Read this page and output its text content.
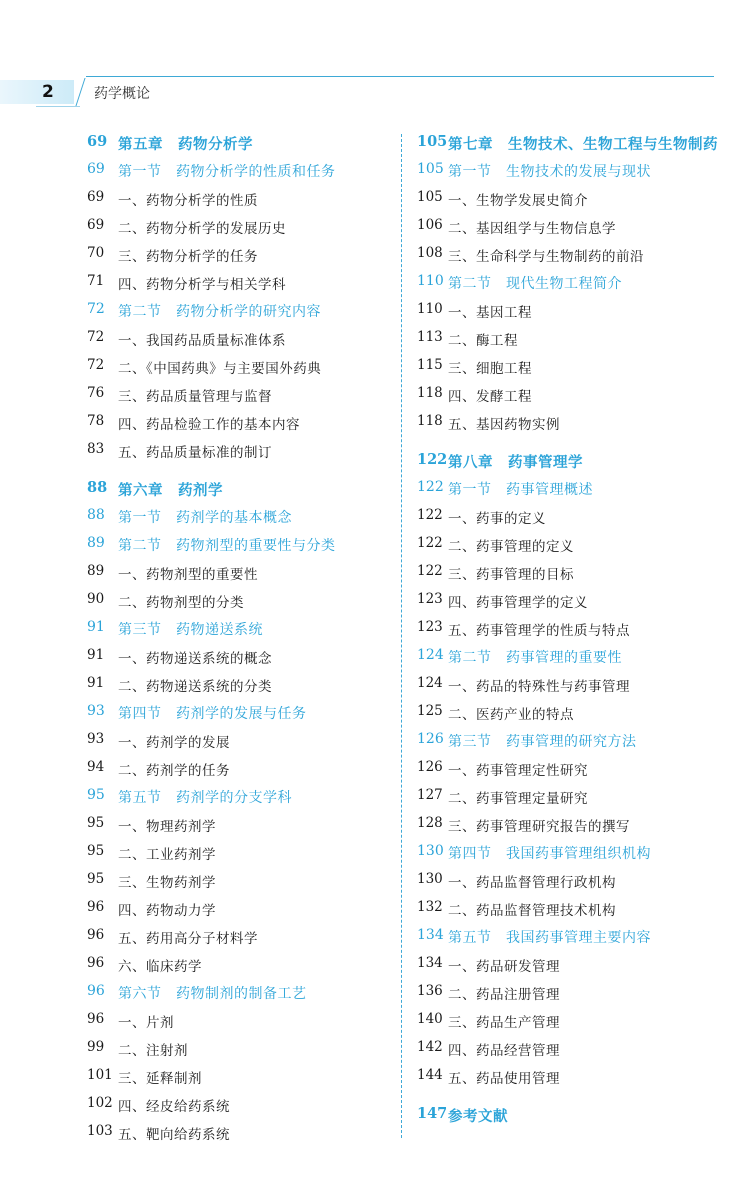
2	药学概论
69 第五章　药物分析学
69 第一节　药物分析学的性质和任务
69 一、药物分析学的性质
69 二、药物分析学的发展历史
70 三、药物分析学的任务
71 四、药物分析学与相关学科
72 第二节　药物分析学的研究内容
72 一、我国药品质量标准体系
72 二、《中国药典》与主要国外药典
76 三、药品质量管理与监督
78 四、药品检验工作的基本内容
83 五、药品质量标准的制订
88 第六章　药剂学
88 第一节　药剂学的基本概念
89 第二节　药物剂型的重要性与分类
89 一、药物剂型的重要性
90 二、药物剂型的分类
91 第三节　药物递送系统
91 一、药物递送系统的概念
91 二、药物递送系统的分类
93 第四节　药剂学的发展与任务
93 一、药剂学的发展
94 二、药剂学的任务
95 第五节　药剂学的分支学科
95 一、物理药剂学
95 二、工业药剂学
95 三、生物药剂学
96 四、药物动力学
96 五、药用高分子材料学
96 六、临床药学
96 第六节　药物制剂的制备工艺
96 一、片剂
99 二、注射剂
101 三、延释制剂
102 四、经皮给药系统
103 五、靶向给药系统
105 第七章　生物技术、生物工程与生物制药
105 第一节　生物技术的发展与现状
105 一、生物学发展史简介
106 二、基因组学与生物信息学
108 三、生命科学与生物制药的前沿
110 第二节　现代生物工程简介
110 一、基因工程
113 二、酶工程
115 三、细胞工程
118 四、发酵工程
118 五、基因药物实例
122 第八章　药事管理学
122 第一节　药事管理概述
122 一、药事的定义
122 二、药事管理的定义
122 三、药事管理的目标
123 四、药事管理学的定义
123 五、药事管理学的性质与特点
124 第二节　药事管理的重要性
124 一、药品的特殊性与药事管理
125 二、医药产业的特点
126 第三节　药事管理的研究方法
126 一、药事管理定性研究
127 二、药事管理定量研究
128 三、药事管理研究报告的撰写
130 第四节　我国药事管理组织机构
130 一、药品监督管理行政机构
132 二、药品监督管理技术机构
134 第五节　我国药事管理主要内容
134 一、药品研发管理
136 二、药品注册管理
140 三、药品生产管理
142 四、药品经营管理
144 五、药品使用管理
147 参考文献
